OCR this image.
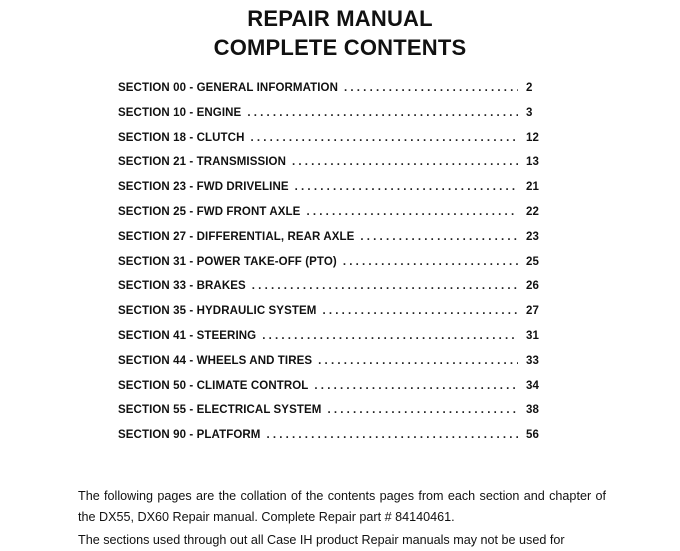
REPAIR MANUAL
COMPLETE CONTENTS
SECTION 00 - GENERAL INFORMATION . . .	2
SECTION 10 - ENGINE . . .	3
SECTION 18 - CLUTCH . . .	12
SECTION 21 - TRANSMISSION . . .	13
SECTION 23 - FWD DRIVELINE . . .	21
SECTION 25 - FWD FRONT AXLE . . .	22
SECTION 27 - DIFFERENTIAL, REAR AXLE . . .	23
SECTION 31 - POWER TAKE-OFF (PTO) . . .	25
SECTION 33 - BRAKES . . .	26
SECTION 35 - HYDRAULIC SYSTEM . . .	27
SECTION 41 - STEERING . . .	31
SECTION 44 - WHEELS AND TIRES . . .	33
SECTION 50 - CLIMATE CONTROL . . .	34
SECTION 55 - ELECTRICAL SYSTEM . . .	38
SECTION 90 - PLATFORM . . .	56

The following pages are the collation of the contents pages from each section and chapter of the DX55, DX60 Repair manual. Complete Repair part # 84140461.

The sections used through out all Case IH product Repair manuals may not be used for
